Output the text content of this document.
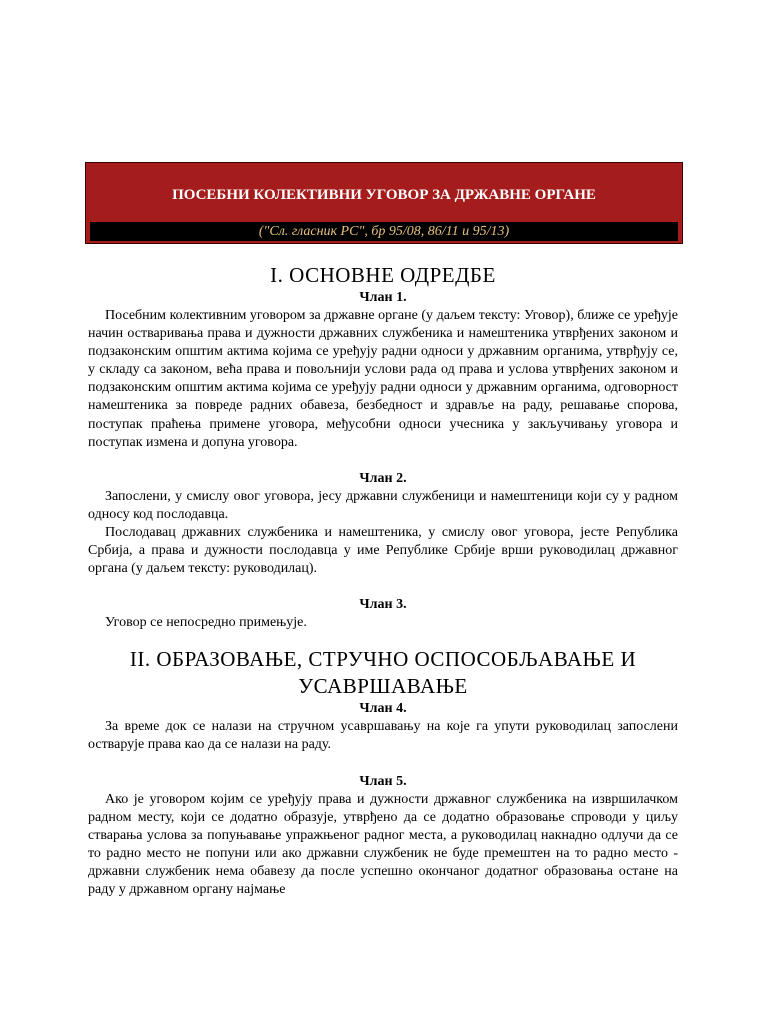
ПОСЕБНИ КОЛЕКТИВНИ УГОВОР ЗА ДРЖАВНЕ ОРГАНЕ
("Сл. гласник РС", бр 95/08, 86/11 и 95/13)
I. ОСНОВНЕ ОДРЕДБЕ

Члан 1.

Посебним колективним уговором за државне органе (у даљем тексту: Уговор), ближе се уређује начин остваривања права и дужности државних службеника и намештеника утврђених законом и подзаконским општим актима којима се уређују радни односи у државним органима, утврђују се, у складу са законом, већа права и повољнији услови рада од права и услова утврђених законом и подзаконским општим актима којима се уређују радни односи у државним органима, одговорност намештеника за повреде радних обавеза, безбедност и здравље на раду, решавање спорова, поступак праћења примене уговора, међусобни односи учесника у закључивању уговора и поступак измена и допуна уговора.

Члан 2.

Запослени, у смислу овог уговора, јесу државни службеници и намештеници који су у радном односу код послодавца.

Послодавац државних службеника и намештеника, у смислу овог уговора, јесте Република Србија, а права и дужности послодавца у име Републике Србије врши руководилац државног органа (у даљем тексту: руководилац).

Члан 3.

Уговор се непосредно примењује.

II. ОБРАЗОВАЊЕ, СТРУЧНО ОСПОСОБЉАВАЊЕ И УСАВРШАВАЊЕ

Члан 4.

За време док се налази на стручном усавршавању на које га упути руководилац запослени остварује права као да се налази на раду.

Члан 5.

Ако је уговором којим се уређују права и дужности државног службеника на извршилачком радном месту, који се додатно образује, утврђено да се додатно образовање спроводи у циљу стварања услова за попуњавање упражњеног радног места, а руководилац накнадно одлучи да се то радно место не попуни или ако државни службеник не буде премештен на то радно место - државни службеник нема обавезу да после успешно окончаног додатног образовања остане на раду у државном органу најмање
